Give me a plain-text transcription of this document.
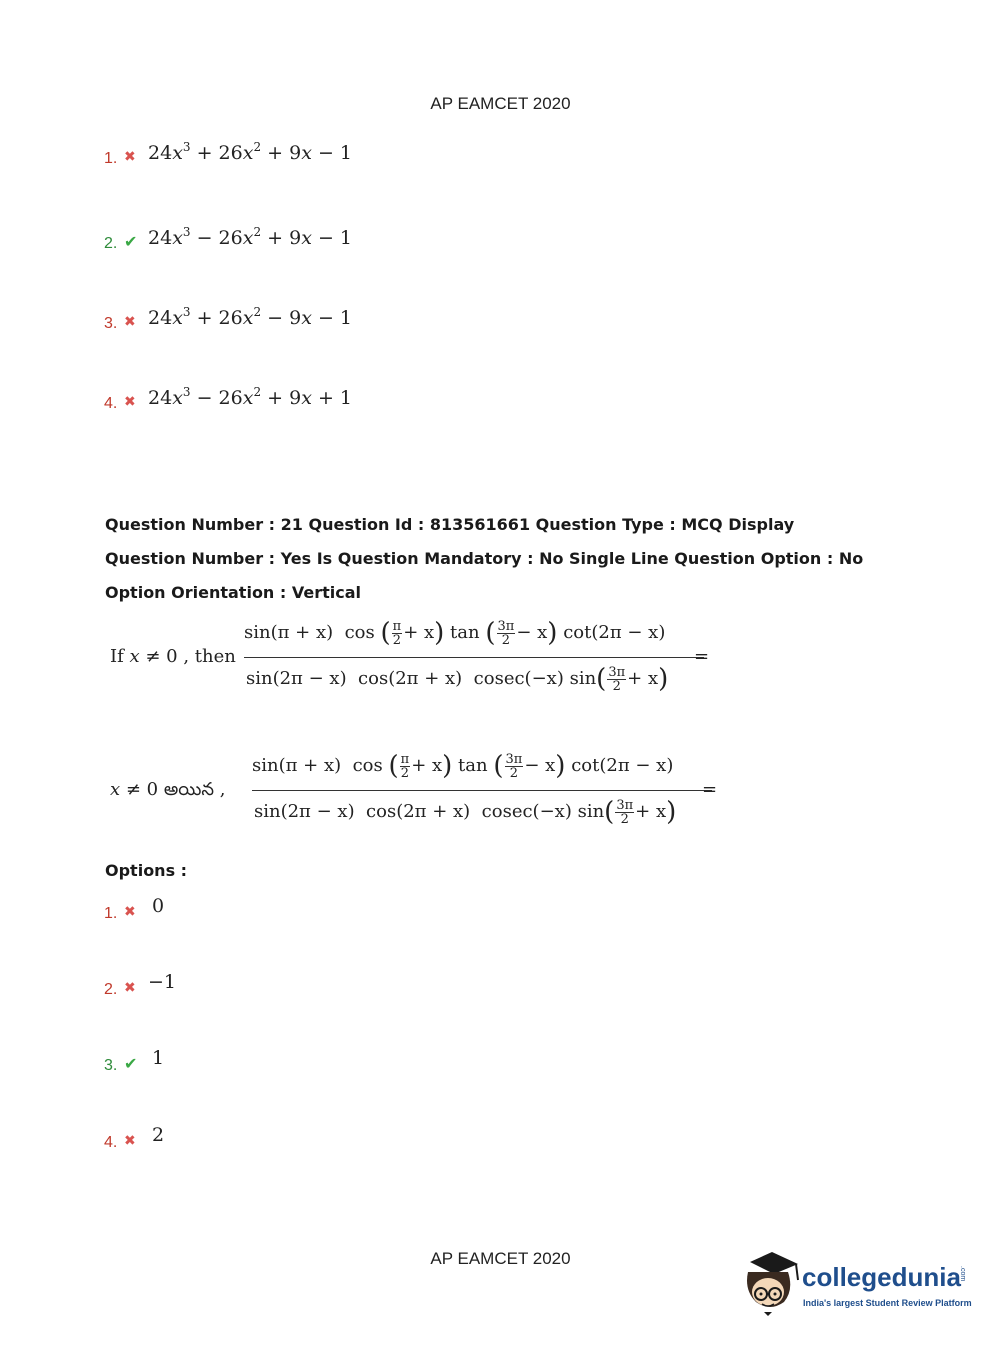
AP EAMCET 2020
1. ✖ $24x^3 + 26x^2 + 9x - 1$
2. ✔ $24x^3 - 26x^2 + 9x - 1$
3. ✖ $24x^3 + 26x^2 - 9x - 1$
4. ✖ $24x^3 - 26x^2 + 9x + 1$
Question Number : 21 Question Id : 813561661 Question Type : MCQ Display Question Number : Yes Is Question Mandatory : No Single Line Question Option : No Option Orientation : Vertical
If x ≠ 0 , then
sin(π + x) cos ( $\frac{\pi}{2} + x$) tan ( $\frac{3\pi}{2} - x$) cot(2π − x)
sin(2π − x) cos(2π + x) cosec(−x) $\sin( \frac{3\pi}{2} + x)$
=
x ≠ 0 అయిన ,
sin(π + x) cos ( $\frac{\pi}{2} + x$) tan ( $\frac{3\pi}{2} - x$) cot(2π − x)
sin(2π − x) cos(2π + x) cosec(−x) $\sin( \frac{3\pi}{2} + x)$
=
Options :
1. ✖ 0
2. ✖ −1
3. ✔ 1
4. ✖ 2
AP EAMCET 2020
collegedunia
.com
India's largest Student Review Platform
